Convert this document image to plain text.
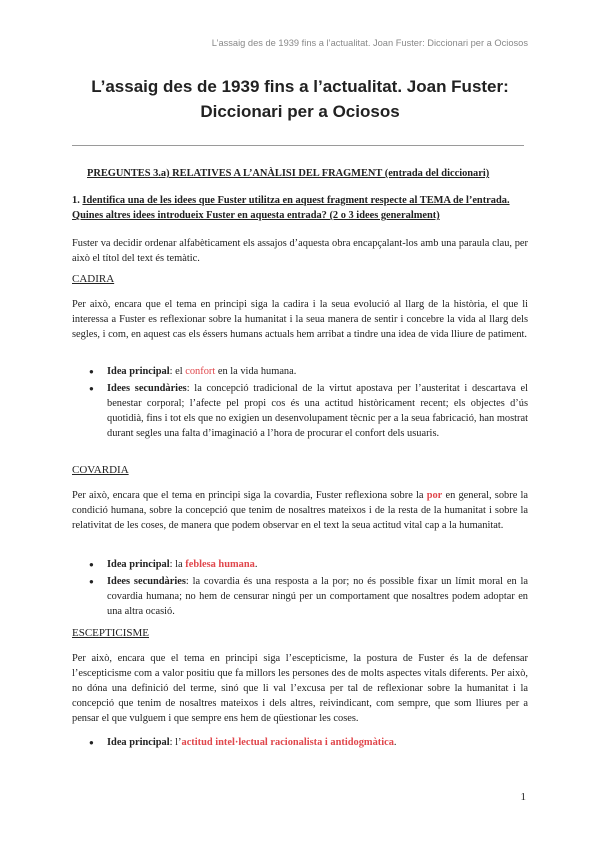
L’assaig des de 1939 fins a l’actualitat. Joan Fuster: Diccionari per a Ociosos
L’assaig des de 1939 fins a l’actualitat. Joan Fuster:
Diccionari per a Ociosos
PREGUNTES 3.a) RELATIVES A L’ANÀLISI DEL FRAGMENT (entrada del diccionari)
1. Identifica una de les idees que Fuster utilitza en aquest fragment respecte al TEMA de l’entrada. Quines altres idees introdueix Fuster en aquesta entrada? (2 o 3 idees generalment)
Fuster va decidir ordenar alfabèticament els assajos d’aquesta obra encapçalant-los amb una paraula clau, per això el títol del text és temàtic.
CADIRA
Per això, encara que el tema en principi siga la cadira i la seua evolució al llarg de la història, el que li interessa a Fuster es reflexionar sobre la humanitat i la seua manera de sentir i concebre la vida al llarg dels segles, i com, en aquest cas els éssers humans actuals hem arribat a tindre una idea de vida lliure de patiment.
● Idea principal: el confort en la vida humana.
● Idees secundàries: la concepció tradicional de la virtut apostava per l’austeritat i descartava el benestar corporal; l’afecte pel propi cos és una actitud històricament recent; els objectes d’ús quotidià, fins i tot els que no exigien un desenvolupament tècnic per a la seua fabricació, han mostrat durant segles una falta d’imaginació a l’hora de procurar el confort dels usuaris.
COVARDIA
Per això, encara que el tema en principi siga la covardia, Fuster reflexiona sobre la por en general, sobre la condició humana, sobre la concepció que tenim de nosaltres mateixos i de la resta de la humanitat i sobre la relativitat de les coses, de manera que podem observar en el text la seua actitud vital cap a la humanitat.
● Idea principal: la feblesa humana.
● Idees secundàries: la covardia és una resposta a la por; no és possible fixar un límit moral en la covardia humana; no hem de censurar ningú per un comportament que nosaltres podem adoptar en una altra ocasió.
ESCEPTICISME
Per això, encara que el tema en principi siga l’escepticisme, la postura de Fuster és la de defensar l’escepticisme com a valor positiu que fa millors les persones des de molts aspectes vitals diferents. Per això, no dóna una definició del terme, sinó que li val l’excusa per tal de reflexionar sobre la humanitat i la concepció que tenim de nosaltres mateixos i dels altres, reivindicant, com sempre, que som lliures per a pensar el que vulguem i que sempre ens hem de qüestionar les coses.
● Idea principal: l’actitud intel·lectual racionalista i antidogmàtica.
1
